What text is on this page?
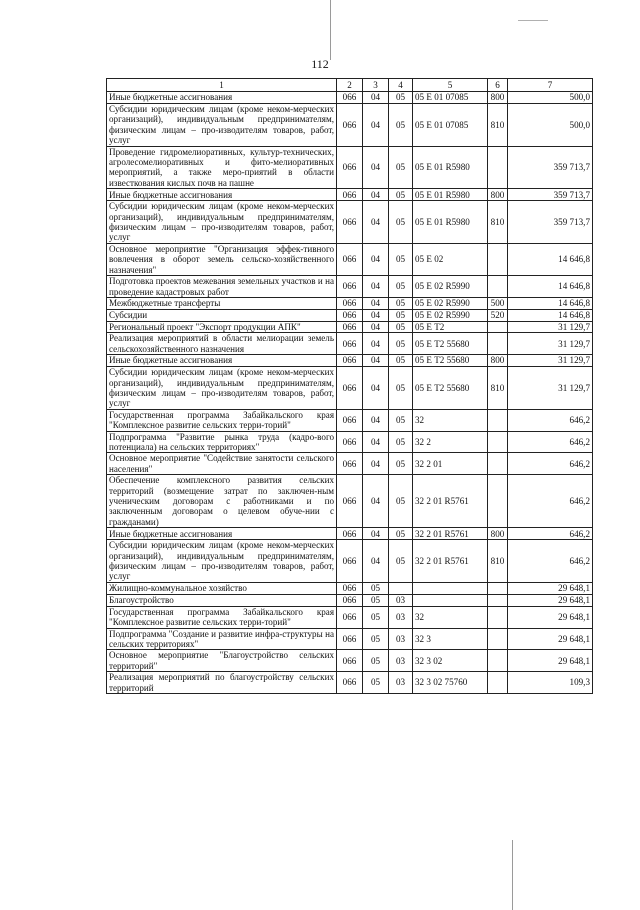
112
1	2	3	4	5	6	7
Иные бюджетные ассигнования	066	04	05	05 Е 01 07085	800	500,0
Субсидии юридическим лицам (кроме неком-мерческих организаций), индивидуальным предпринимателям, физическим лицам – про-изводителям товаров, работ, услуг	066	04	05	05 Е 01 07085	810	500,0
Проведение гидромелиоративных, культур-технических, агролесомелиоративных и фито-мелиоративных мероприятий, а также меро-приятий в области известкования кислых почв на пашне	066	04	05	05 Е 01 R5980		359 713,7
Иные бюджетные ассигнования	066	04	05	05 Е 01 R5980	800	359 713,7
Субсидии юридическим лицам (кроме неком-мерческих организаций), индивидуальным предпринимателям, физическим лицам – про-изводителям товаров, работ, услуг	066	04	05	05 Е 01 R5980	810	359 713,7
Основное мероприятие "Организация эффек-тивного вовлечения в оборот земель сельско-хозяйственного назначения"	066	04	05	05 Е 02		14 646,8
Подготовка проектов межевания земельных участков и на проведение кадастровых работ	066	04	05	05 Е 02 R5990		14 646,8
Межбюджетные трансферты	066	04	05	05 Е 02 R5990	500	14 646,8
Субсидии	066	04	05	05 Е 02 R5990	520	14 646,8
Региональный проект "Экспорт продукции АПК"	066	04	05	05 Е Т2		31 129,7
Реализация мероприятий в области мелиорации земель сельскохозяйственного назначения	066	04	05	05 Е Т2 55680		31 129,7
Иные бюджетные ассигнования	066	04	05	05 Е Т2 55680	800	31 129,7
Субсидии юридическим лицам (кроме неком-мерческих организаций), индивидуальным предпринимателям, физическим лицам – про-изводителям товаров, работ, услуг	066	04	05	05 Е Т2 55680	810	31 129,7
Государственная программа Забайкальского края "Комплексное развитие сельских терри-торий"	066	04	05	32		646,2
Подпрограмма "Развитие рынка труда (кадро-вого потенциала) на сельских территориях"	066	04	05	32 2		646,2
Основное мероприятие "Содействие занятости сельского населения"	066	04	05	32 2 01		646,2
Обеспечение комплексного развития сельских территорий (возмещение затрат по заключен-ным ученическим договорам с работниками и по заключенным договорам о целевом обуче-нии с гражданами)	066	04	05	32 2 01 R5761		646,2
Иные бюджетные ассигнования	066	04	05	32 2 01 R5761	800	646,2
Субсидии юридическим лицам (кроме неком-мерческих организаций), индивидуальным предпринимателям, физическим лицам – про-изводителям товаров, работ, услуг	066	04	05	32 2 01 R5761	810	646,2
Жилищно-коммунальное хозяйство	066	05				29 648,1
Благоустройство	066	05	03			29 648,1
Государственная программа Забайкальского края "Комплексное развитие сельских терри-торий"	066	05	03	32		29 648,1
Подпрограмма "Создание и развитие инфра-структуры на сельских территориях"	066	05	03	32 3		29 648,1
Основное мероприятие "Благоустройство сельских территорий"	066	05	03	32 3 02		29 648,1
Реализация мероприятий по благоустройству сельских территорий	066	05	03	32 3 02 75760		109,3
